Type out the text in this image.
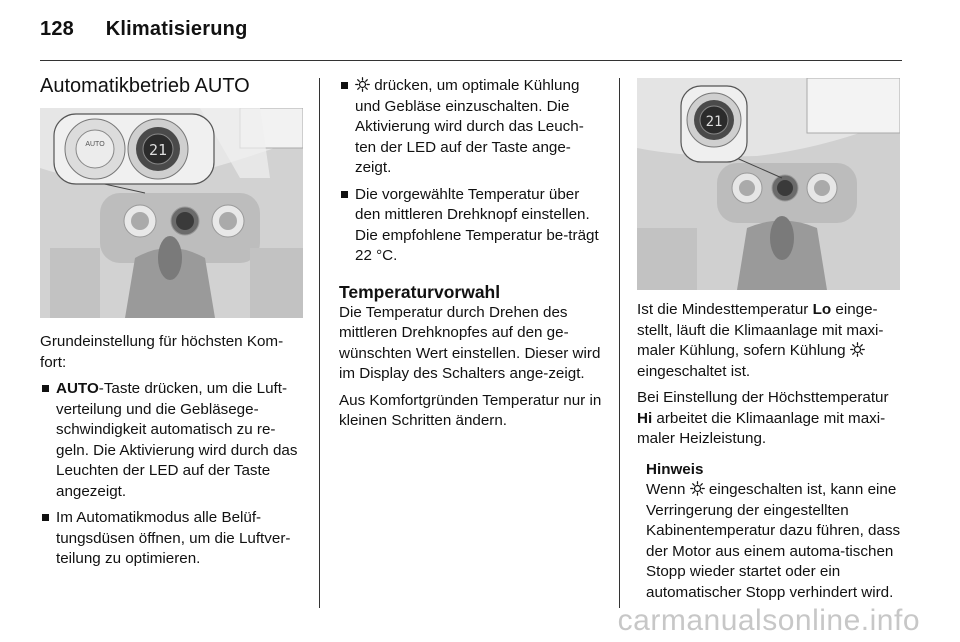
128 Klimatisierung
Automatikbetrieb AUTO
AUTO	21

Grundeinstellung für höchsten Kom-fort:

AUTO-Taste drücken, um die Luft-verteilung und die Gebläsege-schwindigkeit automatisch zu re-geln. Die Aktivierung wird durch das Leuchten der LED auf der Taste angezeigt.
Im Automatikmodus alle Belüf-tungsdüsen öffnen, um die Luftver-teilung zu optimieren.
drücken, um optimale Kühlung und Gebläse einzuschalten. Die Aktivierung wird durch das Leuch-ten der LED auf der Taste ange-zeigt.
Die vorgewählte Temperatur über den mittleren Drehknopf einstellen. Die empfohlene Temperatur be-trägt 22 °C.
Temperaturvorwahl

Die Temperatur durch Drehen des mittleren Drehknopfes auf den ge-wünschten Wert einstellen. Dieser wird im Display des Schalters ange-zeigt.

Aus Komfortgründen Temperatur nur in kleinen Schritten ändern.

21

Ist die Mindesttemperatur Lo einge-stellt, läuft die Klimaanlage mit maxi-maler Kühlung, sofern Kühlung  eingeschaltet ist.

Bei Einstellung der Höchsttemperatur Hi arbeitet die Klimaanlage mit maxi-maler Heizleistung.

Hinweis
Wenn eingeschalten ist, kann eine Verringerung der eingestellten Kabinentemperatur dazu führen, dass der Motor aus einem automa-tischen Stopp wieder startet oder ein automatischer Stopp verhindert wird.
carmanualsonline.info
